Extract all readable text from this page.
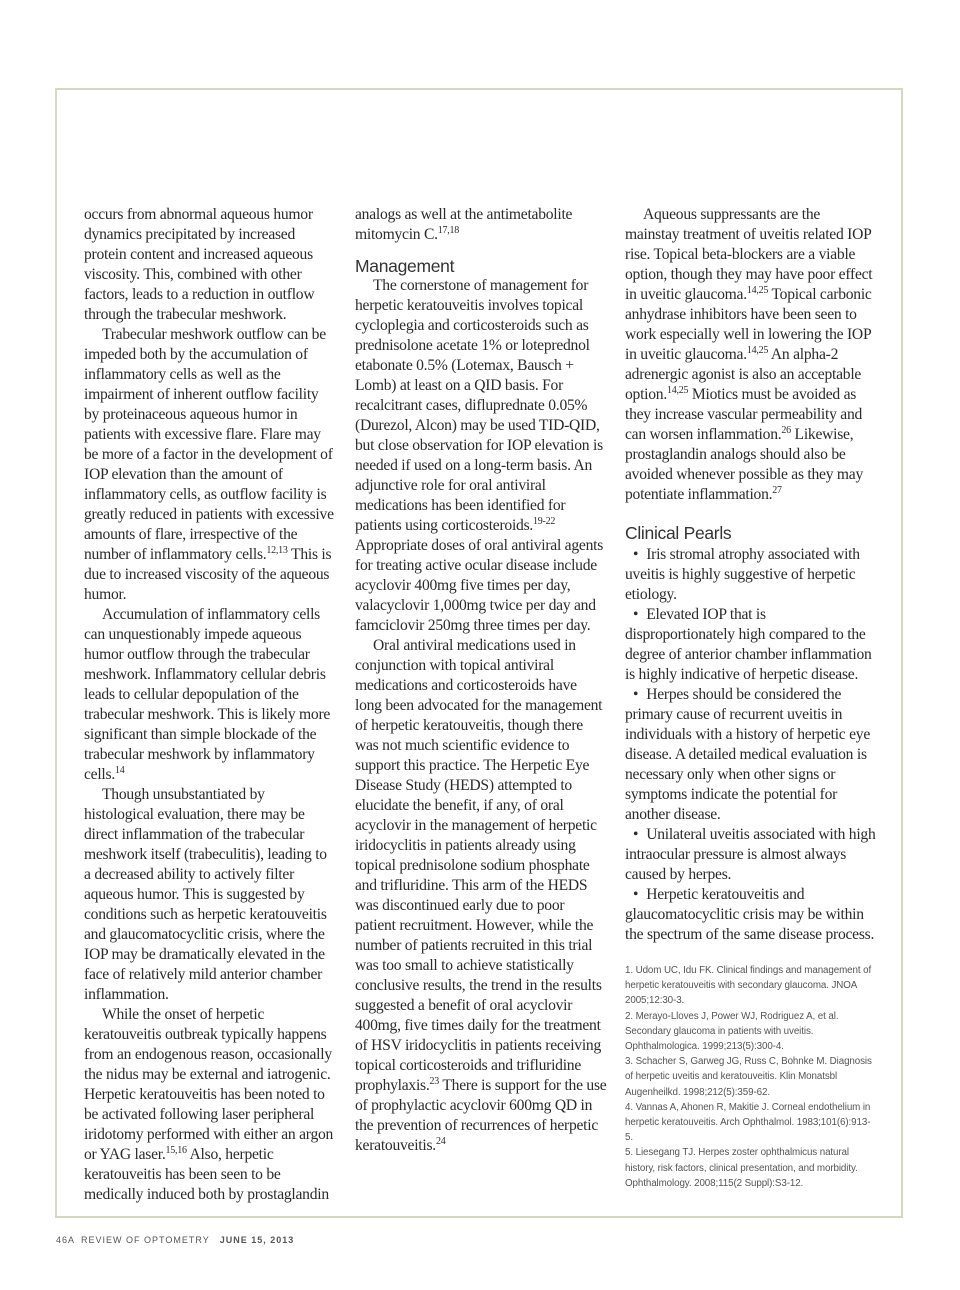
occurs from abnormal aqueous humor dynamics precipitated by increased protein content and increased aqueous viscosity. This, combined with other factors, leads to a reduction in outflow through the trabecular meshwork.

Trabecular meshwork outflow can be impeded both by the accumulation of inflammatory cells as well as the impairment of inherent outflow facility by proteinaceous aqueous humor in patients with excessive flare. Flare may be more of a factor in the development of IOP elevation than the amount of inflammatory cells, as outflow facility is greatly reduced in patients with excessive amounts of flare, irrespective of the number of inflammatory cells.$^{12,13}$ This is due to increased viscosity of the aqueous humor.

Accumulation of inflammatory cells can unquestionably impede aqueous humor outflow through the trabecular meshwork. Inflammatory cellular debris leads to cellular depopulation of the trabecular meshwork. This is likely more significant than simple blockade of the trabecular meshwork by inflammatory cells.$^{14}$

Though unsubstantiated by histological evaluation, there may be direct inflammation of the trabecular meshwork itself (trabeculitis), leading to a decreased ability to actively filter aqueous humor. This is suggested by conditions such as herpetic keratouveitis and glaucomatocyclitic crisis, where the IOP may be dramatically elevated in the face of relatively mild anterior chamber inflammation.

While the onset of herpetic keratouveitis outbreak typically happens from an endogenous reason, occasionally the nidus may be external and iatrogenic. Herpetic keratouveitis has been noted to be activated following laser peripheral iridotomy performed with either an argon or YAG laser.$^{15,16}$ Also, herpetic keratouveitis has been seen to be medically induced both by prostaglandin

analogs as well at the antimetabolite mitomycin C.$^{17,18}$

Management

The cornerstone of management for herpetic keratouveitis involves topical cycloplegia and corticosteroids such as prednisolone acetate 1% or loteprednol etabonate 0.5% (Lotemax, Bausch + Lomb) at least on a QID basis. For recalcitrant cases, difluprednate 0.05% (Durezol, Alcon) may be used TID-QID, but close observation for IOP elevation is needed if used on a long-term basis. An adjunctive role for oral antiviral medications has been identified for patients using corticosteroids.$^{19-22}$ Appropriate doses of oral antiviral agents for treating active ocular disease include acyclovir 400mg five times per day, valacyclovir 1,000mg twice per day and famciclovir 250mg three times per day.

Oral antiviral medications used in conjunction with topical antiviral medications and corticosteroids have long been advocated for the management of herpetic keratouveitis, though there was not much scientific evidence to support this practice. The Herpetic Eye Disease Study (HEDS) attempted to elucidate the benefit, if any, of oral acyclovir in the management of herpetic iridocyclitis in patients already using topical prednisolone sodium phosphate and trifluridine. This arm of the HEDS was discontinued early due to poor patient recruitment. However, while the number of patients recruited in this trial was too small to achieve statistically conclusive results, the trend in the results suggested a benefit of oral acyclovir 400mg, five times daily for the treatment of HSV iridocyclitis in patients receiving topical corticosteroids and trifluridine prophylaxis.$^{23}$ There is support for the use of prophylactic acyclovir 600mg QD in the prevention of recurrences of herpetic keratouveitis.$^{24}$

Aqueous suppressants are the mainstay treatment of uveitis related IOP rise. Topical beta-blockers are a viable option, though they may have poor effect in uveitic glaucoma.$^{14,25}$ Topical carbonic anhydrase inhibitors have been seen to work especially well in lowering the IOP in uveitic glaucoma.$^{14,25}$ An alpha-2 adrenergic agonist is also an acceptable option.$^{14,25}$ Miotics must be avoided as they increase vascular permeability and can worsen inflammation.$^{26}$ Likewise, prostaglandin analogs should also be avoided whenever possible as they may potentiate inflammation.$^{27}$

Clinical Pearls

• Iris stromal atrophy associated with uveitis is highly suggestive of herpetic etiology.

• Elevated IOP that is disproportionately high compared to the degree of anterior chamber inflammation is highly indicative of herpetic disease.

• Herpes should be considered the primary cause of recurrent uveitis in individuals with a history of herpetic eye disease. A detailed medical evaluation is necessary only when other signs or symptoms indicate the potential for another disease.

• Unilateral uveitis associated with high intraocular pressure is almost always caused by herpes.

• Herpetic keratouveitis and glaucomatocyclitic crisis may be within the spectrum of the same disease process.

1. Udom UC, Idu FK. Clinical findings and management of herpetic keratouveitis with secondary glaucoma. JNOA 2005;12:30-3.
2. Merayo-Lloves J, Power WJ, Rodriguez A, et al. Secondary glaucoma in patients with uveitis. Ophthalmologica. 1999;213(5):300-4.
3. Schacher S, Garweg JG, Russ C, Bohnke M. Diagnosis of herpetic uveitis and keratouveitis. Klin Monatsbl Augenheilkd. 1998;212(5):359-62.
4. Vannas A, Ahonen R, Makitie J. Corneal endothelium in herpetic keratouveitis. Arch Ophthalmol. 1983;101(6):913-5.
5. Liesegang TJ. Herpes zoster ophthalmicus natural history, risk factors, clinical presentation, and morbidity. Ophthalmology. 2008;115(2 Suppl):S3-12.
46A REVIEW OF OPTOMETRY JUNE 15, 2013
